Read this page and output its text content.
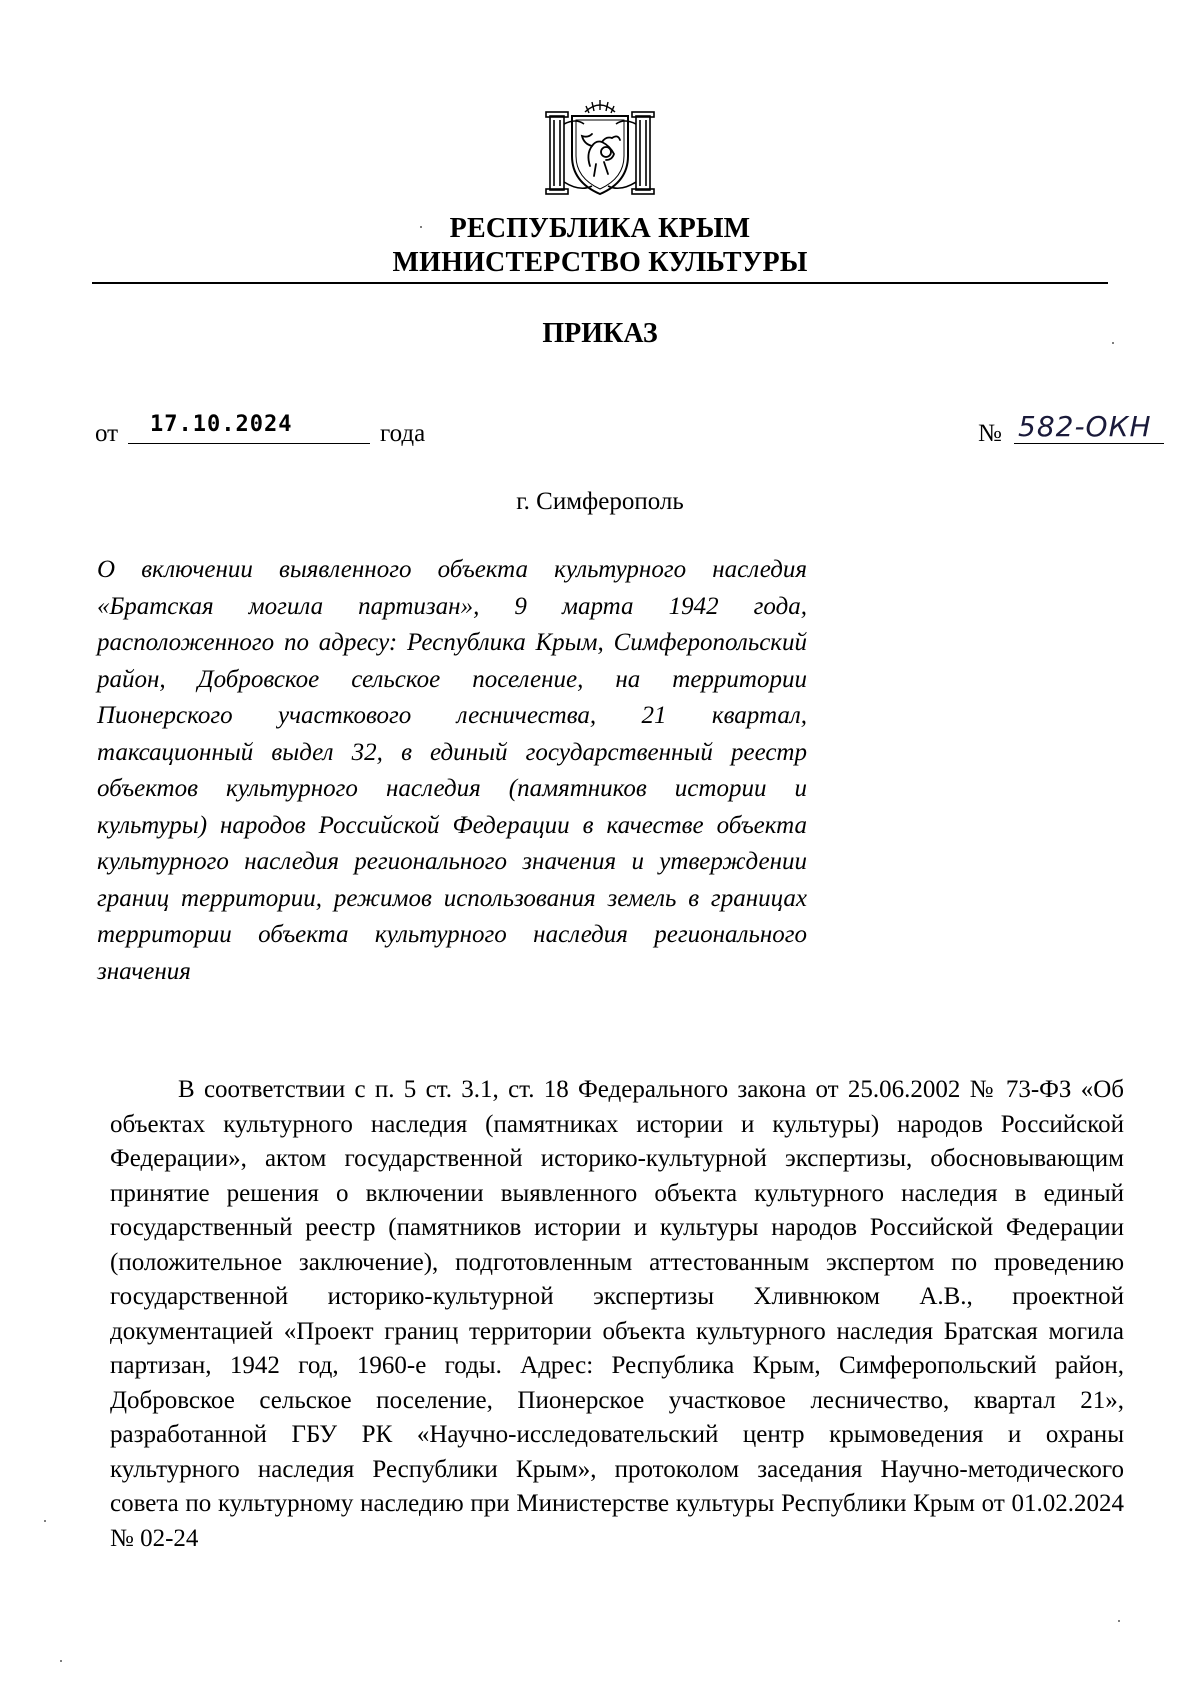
РЕСПУБЛИКА КРЫМ
МИНИСТЕРСТВО КУЛЬТУРЫ
ПРИКАЗ
от 17.10.2024	года	№ 582-ОКН
г. Симферополь
О включении выявленного объекта культурного наследия «Братская могила партизан», 9 марта 1942 года, расположенного по адресу: Республика Крым, Симферопольский район, Добровское сельское поселение, на территории Пионерского участкового лесничества, 21 квартал, таксационный выдел 32, в единый государственный реестр объектов культурного наследия (памятников истории и культуры) народов Российской Федерации в качестве объекта культурного наследия регионального значения и утверждении границ территории, режимов использования земель в границах территории объекта культурного наследия регионального значения
В соответствии с п. 5 ст. 3.1, ст. 18 Федерального закона от 25.06.2002 № 73-ФЗ «Об объектах культурного наследия (памятниках истории и культуры) народов Российской Федерации», актом государственной историко-культурной экспертизы, обосновывающим принятие решения о включении выявленного объекта культурного наследия в единый государственный реестр (памятников истории и культуры народов Российской Федерации (положительное заключение), подготовленным аттестованным экспертом по проведению государственной историко-культурной экспертизы Хливнюком А.В., проектной документацией «Проект границ территории объекта культурного наследия Братская могила партизан, 1942 год, 1960-е годы. Адрес: Республика Крым, Симферопольский район, Добровское сельское поселение, Пионерское участковое лесничество, квартал 21», разработанной ГБУ РК «Научно-исследовательский центр крымоведения и охраны культурного наследия Республики Крым», протоколом заседания Научно-методического совета по культурному наследию при Министерстве культуры Республики Крым от 01.02.2024 № 02-24
